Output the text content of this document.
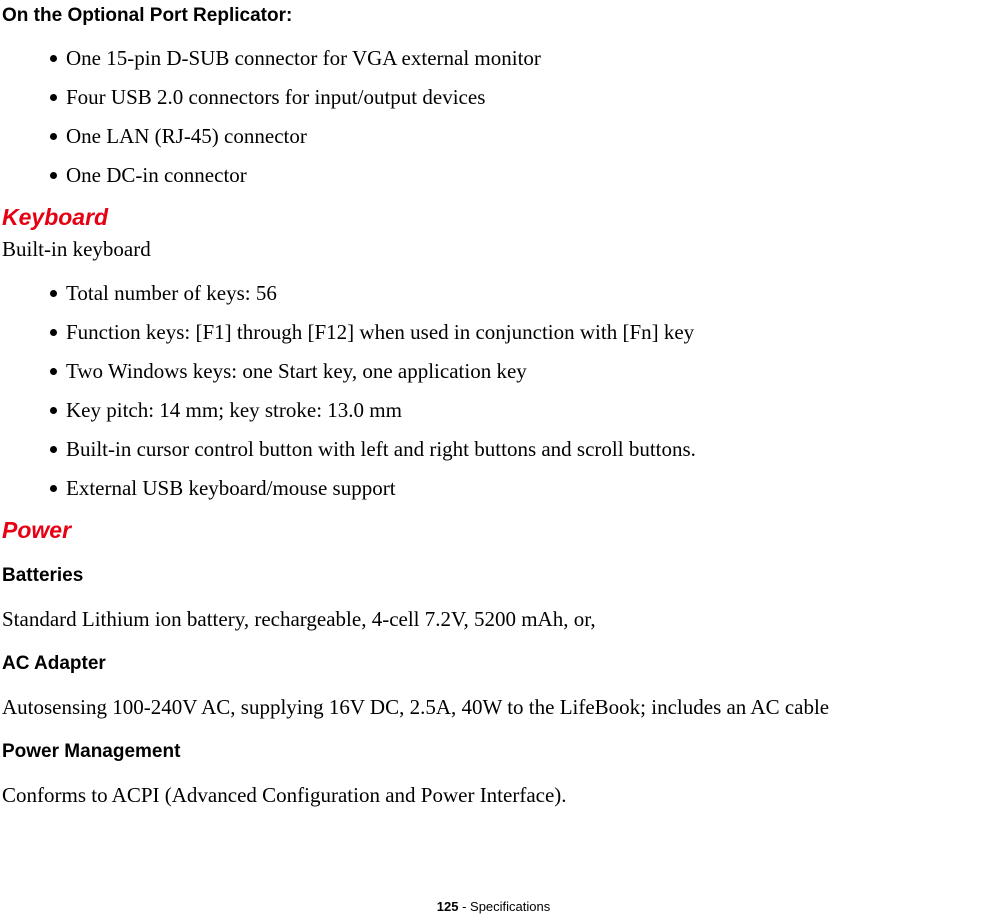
On the Optional Port Replicator:
One 15-pin D-SUB connector for VGA external monitor
Four USB 2.0 connectors for input/output devices
One LAN (RJ-45) connector
One DC-in connector
Keyboard

Built-in keyboard

Total number of keys: 56
Function keys: [F1] through [F12] when used in conjunction with [Fn] key
Two Windows keys: one Start key, one application key
Key pitch: 14 mm; key stroke: 13.0 mm
Built-in cursor control button with left and right buttons and scroll buttons.
External USB keyboard/mouse support
Power
Batteries

Standard Lithium ion battery, rechargeable, 4-cell 7.2V, 5200 mAh, or,

AC Adapter

Autosensing 100-240V AC, supplying 16V DC, 2.5A, 40W to the LifeBook; includes an AC cable

Power Management

Conforms to ACPI (Advanced Configuration and Power Interface).

125 - Specifications
